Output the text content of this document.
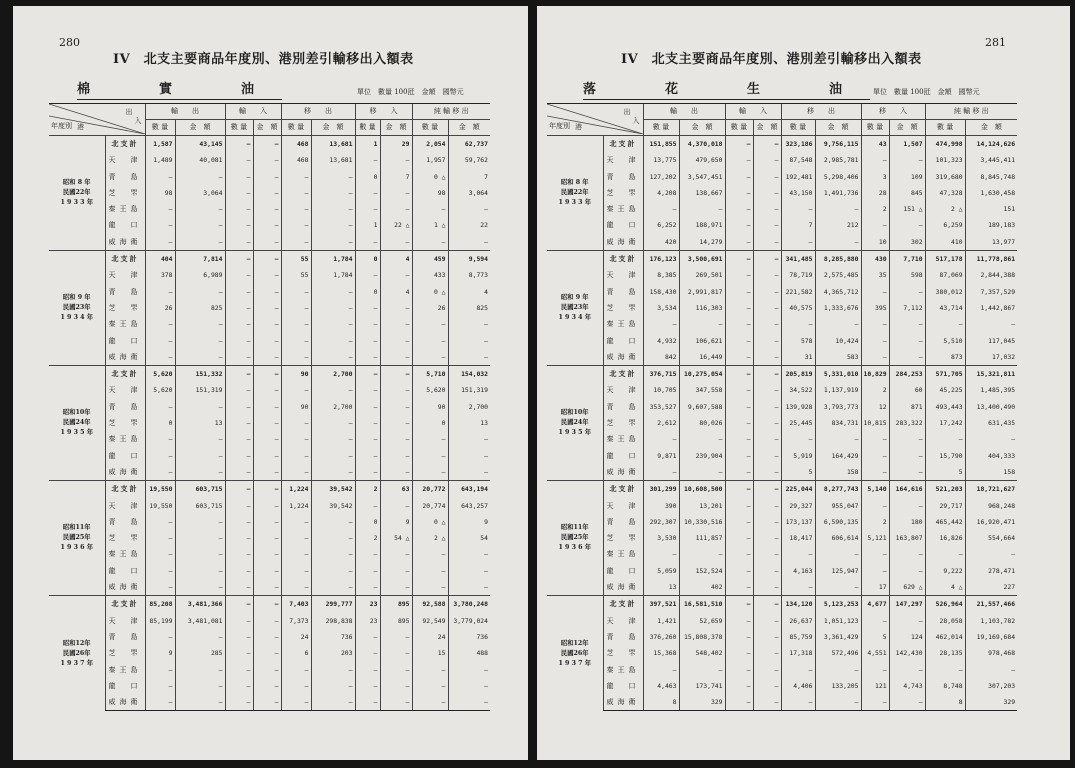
280
IV　北支主要商品年度別、港別差引輸移出入額表
棉　實　油	單位　數量 100瓩　金額　國幣元
出
入
年度別 港		輸　　出		輸　　入		移　　出		移　　入		純 輸 移 出	
		數 量	金　額	數 量	金　額	數 量	金　額	數 量	金　額	數 量	金　額

昭和 8 年
民國22年
1 9 3 3 年	北支計	1,587	43,145	—	—	468	13,681	1	29	2,054	62,737
	天　津	1,489	40,081	—	—	468	13,681	—	—	1,957	59,762
	青　島	—	—	—	—	—	—	0	7	0 △	7
	芝　罘	98	3,064	—	—	—	—	—	—	98	3,064
	秦王島	—	—	—	—	—	—	—	—	—	—
	龍　口	—	—	—	—	—	—	1	22 △	1 △	22
	威海衛	—	—	—	—	—	—	—	—	—	—

昭和 9 年
民國23年
1 9 3 4 年	北支計	404	7,814	—	—	55	1,784	0	4	459	9,594
	天　津	378	6,989	—	—	55	1,784	—	—	433	8,773
	青　島	—	—	—	—	—	—	0	4	0 △	4
	芝　罘	26	825	—	—	—	—	—	—	26	825
	秦王島	—	—	—	—	—	—	—	—	—	—
	龍　口	—	—	—	—	—	—	—	—	—	—
	威海衛	—	—	—	—	—	—	—	—	—	—

昭和10年
民國24年
1 9 3 5 年	北支計	5,620	151,332	—	—	90	2,700	—	—	5,710	154,032
	天　津	5,620	151,319	—	—	—	—	—	—	5,620	151,319
	青　島	—	—	—	—	90	2,700	—	—	90	2,700
	芝　罘	0	13	—	—	—	—	—	—	0	13
	秦王島	—	—	—	—	—	—	—	—	—	—
	龍　口	—	—	—	—	—	—	—	—	—	—
	威海衛	—	—	—	—	—	—	—	—	—	—

昭和11年
民國25年
1 9 3 6 年	北支計	19,550	603,715	—	—	1,224	39,542	2	63	20,772	643,194
	天　津	19,550	603,715	—	—	1,224	39,542	—	—	20,774	643,257
	青　島	—	—	—	—	—	—	0	9	0 △	9
	芝　罘	—	—	—	—	—	—	2	54 △	2 △	54
	秦王島	—	—	—	—	—	—	—	—	—	—
	龍　口	—	—	—	—	—	—	—	—	—	—
	威海衛	—	—	—	—	—	—	—	—	—	—

昭和12年
民國26年
1 9 3 7 年	北支計	85,208	3,481,366	—	—	7,403	299,777	23	895	92,588	3,780,248
	天　津	85,199	3,481,081	—	—	7,373	298,838	23	895	92,549	3,779,024
	青　島	—	—	—	—	24	736	—	—	24	736
	芝　罘	9	285	—	—	6	203	—	—	15	488
	秦王島	—	—	—	—	—	—	—	—	—	—
	龍　口	—	—	—	—	—	—	—	—	—	—
	威海衛	—	—	—	—	—	—	—	—	—	—
281
IV　北支主要商品年度別、港別差引輸移出入額表
落　花　生　油 單位　數量 100瓩　金額　國幣元
出
入
年度別 港		輸　　出		輸　　入		移　　出		移　　入		純 輸 移 出	
		數 量	金　額	數 量	金　額	數 量	金　額	數 量	金　額	數 量	金　額

昭和 8 年
民國22年
1 9 3 3 年	北支計	151,855	4,370,018	—	—	323,186	9,756,115	43	1,507	474,998	14,124,626
	天　津	13,775	479,650	—	—	87,548	2,985,781	—	—	101,323	3,445,411
	青　島	127,202	3,547,451	—	—	192,481	5,298,406	3	109	319,680	8,845,748
	芝　罘	4,208	138,667	—	—	43,150	1,491,736	28	845	47,328	1,630,458
	秦王島	—	—	—	—	—	—	2	151 △	2 △	151
	龍　口	6,252	188,971	—	—	7	212	—	—	6,259	189,183
	威海衛	420	14,279	—	—	—	—	10	302	410	13,977

昭和 9 年
民國23年
1 9 3 4 年	北支計	176,123	3,500,691	—	—	341,485	8,285,880	430	7,710	517,178	11,778,861
	天　津	8,385	269,501	—	—	78,719	2,575,485	35	598	87,069	2,844,388
	青　島	158,430	2,991,817	—	—	221,582	4,365,712	—	—	380,012	7,357,529
	芝　罘	3,534	116,303	—	—	40,575	1,333,676	395	7,112	43,714	1,442,867
	秦王島	—	—	—	—	—	—	—	—	—	—
	龍　口	4,932	106,621	—	—	578	10,424	—	—	5,510	117,045
	威海衛	842	16,449	—	—	31	583	—	—	873	17,032

昭和10年
民國24年
1 9 3 5 年	北支計	376,715	10,275,054	—	—	205,819	5,331,010	10,829	284,253	571,705	15,321,811
	天　津	10,705	347,558	—	—	34,522	1,137,919	2	60	45,225	1,485,395
	青　島	353,527	9,607,588	—	—	139,928	3,793,773	12	871	493,443	13,400,490
	芝　罘	2,612	80,026	—	—	25,445	834,731	10,815	283,322	17,242	631,435
	秦王島	—	—	—	—	—	—	—	—	—	—
	龍　口	9,871	239,904	—	—	5,919	164,429	—	—	15,790	404,333
	威海衛	—	—	—	—	5	158	—	—	5	158

昭和11年
民國25年
1 9 3 6 年	北支計	301,299	10,608,500	—	—	225,044	8,277,743	5,140	164,616	521,203	18,721,627
	天　津	390	13,201	—	—	29,327	955,047	—	—	29,717	968,248
	青　島	292,307	10,330,516	—	—	173,137	6,590,135	2	180	465,442	16,920,471
	芝　罘	3,530	111,857	—	—	18,417	606,614	5,121	163,807	16,826	554,664
	秦王島	—	—	—	—	—	—	—	—	—	—
	龍　口	5,059	152,524	—	—	4,163	125,947	—	—	9,222	278,471
	威海衛	13	402	—	—	—	—	17	629 △	4 △	227

昭和12年
民國26年
1 9 3 7 年	北支計	397,521	16,581,510	—	—	134,120	5,123,253	4,677	147,297	526,964	21,557,466
	天　津	1,421	52,659	—	—	26,637	1,051,123	—	—	28,058	1,103,782
	青　島	376,260	15,808,378	—	—	85,759	3,361,429	5	124	462,014	19,169,684
	芝　罘	15,368	548,402	—	—	17,318	572,496	4,551	142,430	28,135	978,468
	秦王島	—	—	—	—	—	—	—	—	—	—
	龍　口	4,463	173,741	—	—	4,406	133,205	121	4,743	8,748	307,203
	威海衛	8	329	—	—	—	—	—	—	8	329
